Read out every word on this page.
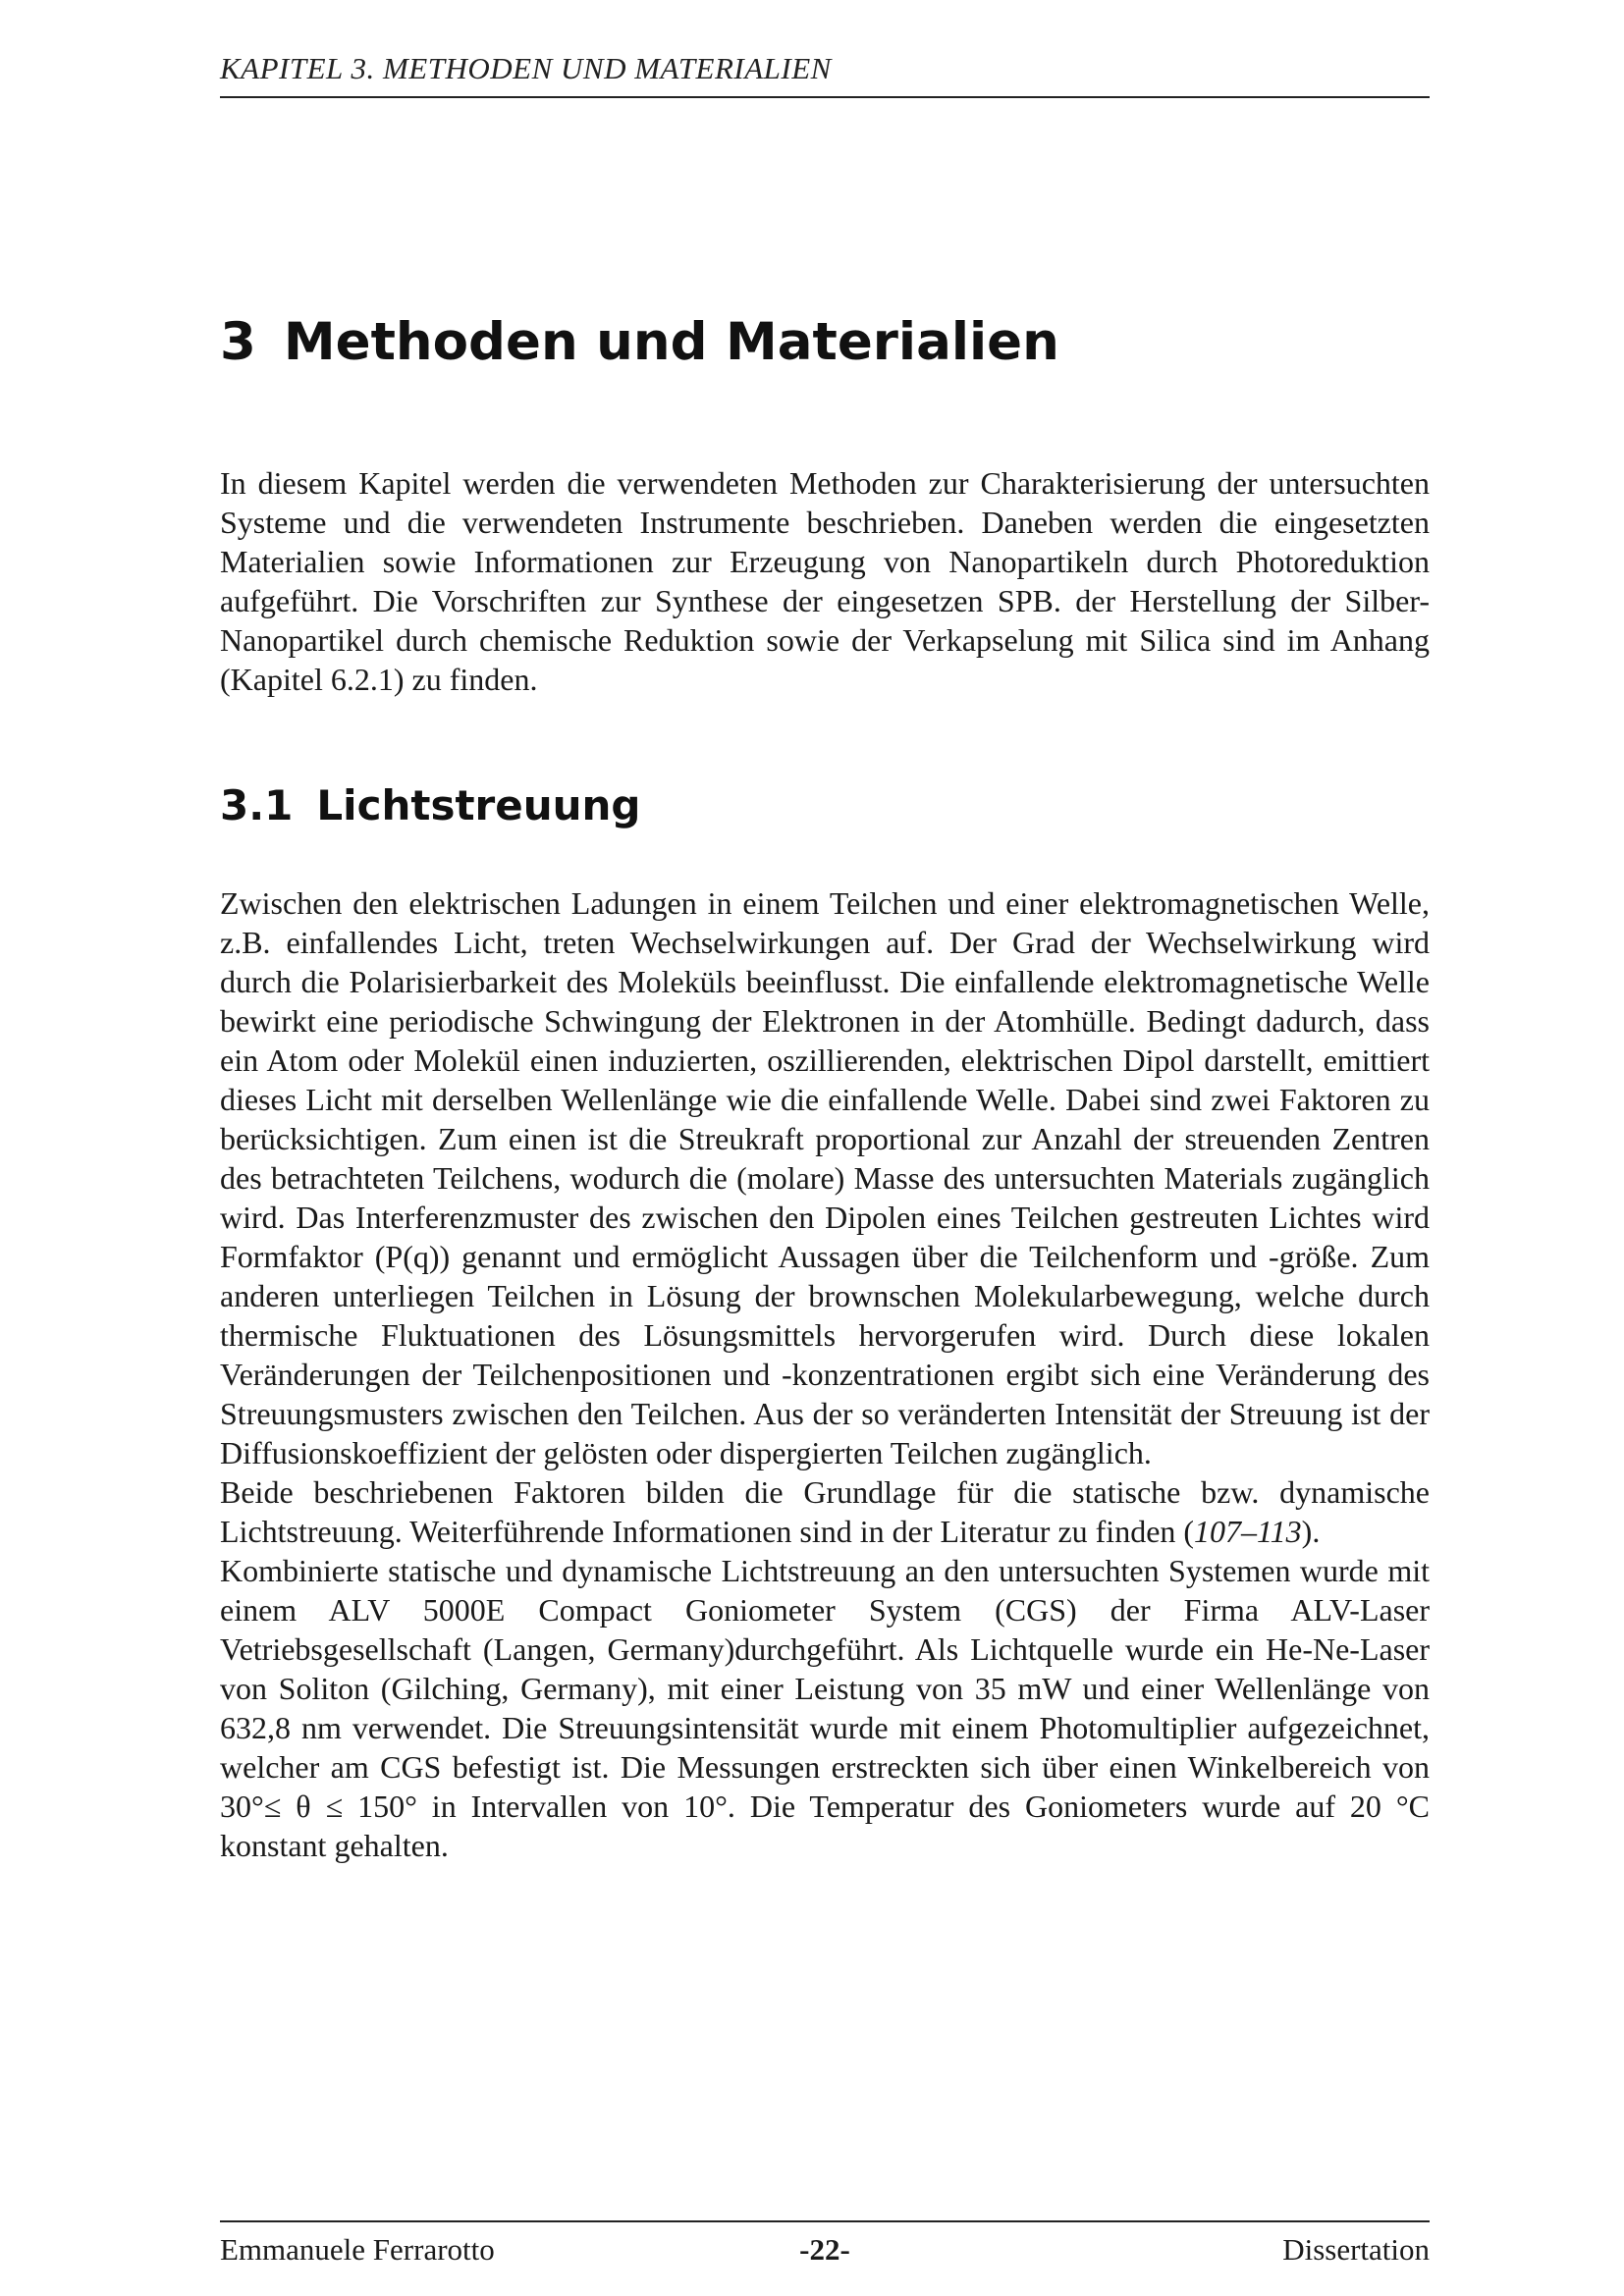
KAPITEL 3. METHODEN UND MATERIALIEN
3 Methoden und Materialien

In diesem Kapitel werden die verwendeten Methoden zur Charakterisierung der untersuchten Systeme und die verwendeten Instrumente beschrieben. Daneben werden die eingesetzten Materialien sowie Informationen zur Erzeugung von Nanopartikeln durch Photoreduktion aufgeführt. Die Vorschriften zur Synthese der eingesetzen SPB. der Herstellung der Silber-Nanopartikel durch chemische Reduktion sowie der Verkapselung mit Silica sind im Anhang (Kapitel 6.2.1) zu finden.

3.1 Lichtstreuung

Zwischen den elektrischen Ladungen in einem Teilchen und einer elektromagnetischen Welle, z.B. einfallendes Licht, treten Wechselwirkungen auf. Der Grad der Wechselwirkung wird durch die Polarisierbarkeit des Moleküls beeinflusst. Die einfallende elektromagnetische Welle bewirkt eine periodische Schwingung der Elektronen in der Atomhülle. Bedingt dadurch, dass ein Atom oder Molekül einen induzierten, oszillierenden, elektrischen Dipol darstellt, emittiert dieses Licht mit derselben Wellenlänge wie die einfallende Welle. Dabei sind zwei Faktoren zu berücksichtigen. Zum einen ist die Streukraft proportional zur Anzahl der streuenden Zentren des betrachteten Teilchens, wodurch die (molare) Masse des untersuchten Materials zugänglich wird. Das Interferenzmuster des zwischen den Dipolen eines Teilchen gestreuten Lichtes wird Formfaktor (P(q)) genannt und ermöglicht Aussagen über die Teilchenform und -größe. Zum anderen unterliegen Teilchen in Lösung der brownschen Molekularbewegung, welche durch thermische Fluktuationen des Lösungsmittels hervorgerufen wird. Durch diese lokalen Veränderungen der Teilchenpositionen und -konzentrationen ergibt sich eine Veränderung des Streuungsmusters zwischen den Teilchen. Aus der so veränderten Intensität der Streuung ist der Diffusionskoeffizient der gelösten oder dispergierten Teilchen zugänglich.

Beide beschriebenen Faktoren bilden die Grundlage für die statische bzw. dynamische Lichtstreuung. Weiterführende Informationen sind in der Literatur zu finden (107–113).

Kombinierte statische und dynamische Lichtstreuung an den untersuchten Systemen wurde mit einem ALV 5000E Compact Goniometer System (CGS) der Firma ALV-Laser Vetriebsgesellschaft (Langen, Germany)durchgeführt. Als Lichtquelle wurde ein He-Ne-Laser von Soliton (Gilching, Germany), mit einer Leistung von 35 mW und einer Wellenlänge von 632,8 nm verwendet. Die Streuungsintensität wurde mit einem Photomultiplier aufgezeichnet, welcher am CGS befestigt ist. Die Messungen erstreckten sich über einen Winkelbereich von 30°≤ θ ≤ 150° in Intervallen von 10°. Die Temperatur des Goniometers wurde auf 20 °C konstant gehalten.

Emmanuele Ferrarotto	-22-	Dissertation
